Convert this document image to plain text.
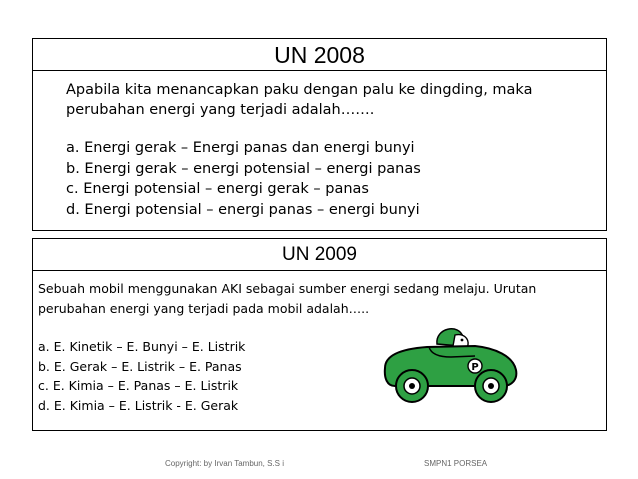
UN 2008
Apabila kita menancapkan paku dengan palu ke dingding, maka
perubahan energi yang terjadi adalah…….
a. Energi gerak – Energi panas dan energi bunyi
b. Energi gerak – energi potensial – energi panas
c. Energi potensial – energi gerak – panas
d. Energi potensial – energi panas – energi bunyi
UN 2009
Sebuah mobil menggunakan AKI sebagai sumber energi sedang melaju. Urutan
perubahan energi yang terjadi pada mobil adalah…..
a. E. Kinetik – E. Bunyi – E. Listrik
b. E. Gerak – E. Listrik – E. Panas
c. E. Kimia – E. Panas – E. Listrik
d. E. Kimia – E. Listrik - E. Gerak
P
Copyright: by Irvan Tambun, S.S i	SMPN1 PORSEA
